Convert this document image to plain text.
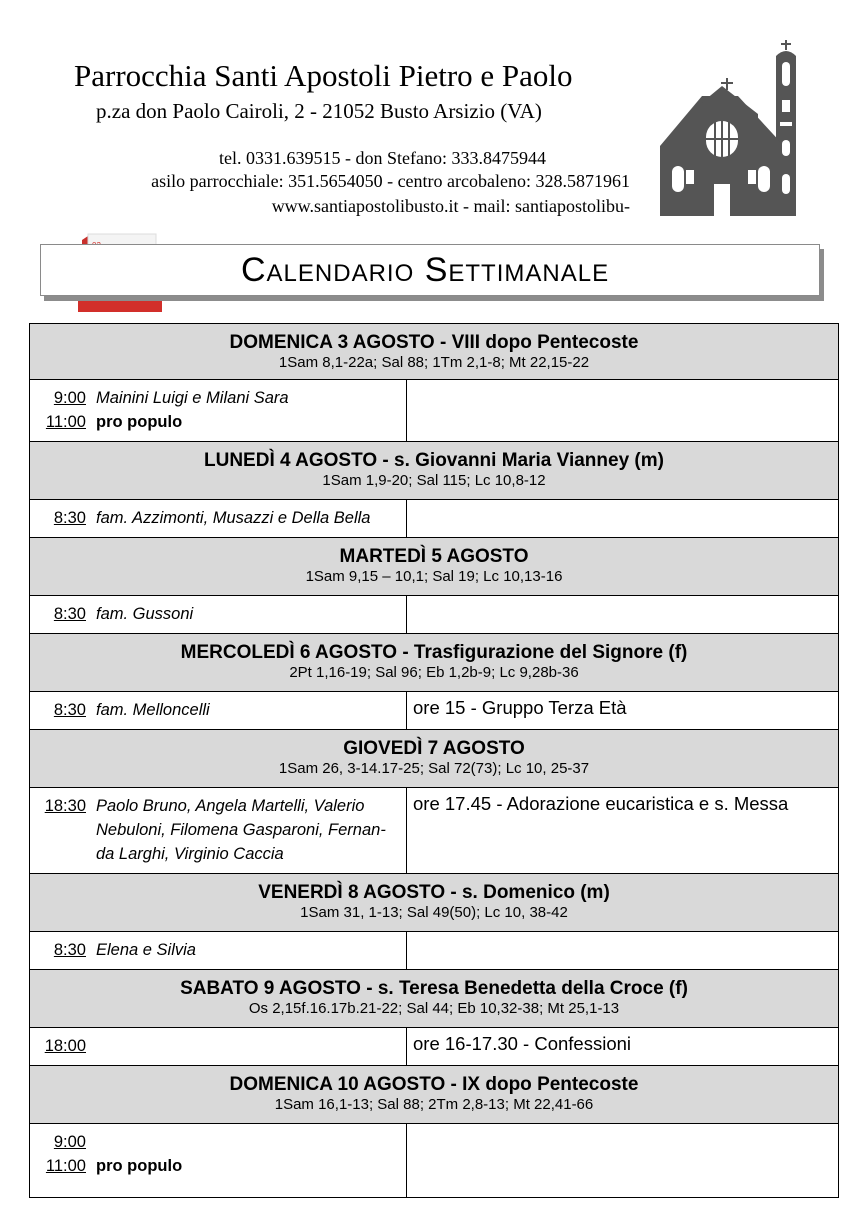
Parrocchia Santi Apostoli Pietro e Paolo
p.za don Paolo Cairoli, 2 - 21052 Busto Arsizio (VA)
tel. 0331.639515 - don Stefano: 333.8475944
asilo parrocchiale: 351.5654050 - centro arcobaleno: 328.5871961
www.santiapostolibusto.it - mail: santiapostolibu-
Calendario Settimanale
DOMENICA 3 AGOSTO - VIII dopo Pentecoste
1Sam 8,1-22a; Sal 88; 1Tm 2,1-8; Mt 22,15-22	

9:00 Mainini Luigi e Milani Sara
11:00 pro populo	

LUNEDÌ 4 AGOSTO - s. Giovanni Maria Vianney (m)
1Sam 1,9-20; Sal 115; Lc 10,8-12	

8:30 fam. Azzimonti, Musazzi e Della Bella	

MARTEDÌ 5 AGOSTO
1Sam 9,15 – 10,1; Sal 19; Lc 10,13-16	

8:30 fam. Gussoni	

MERCOLEDÌ 6 AGOSTO - Trasfigurazione del Signore (f)
2Pt 1,16-19; Sal 96; Eb 1,2b-9; Lc 9,28b-36	

8:30 fam. Melloncelli	ore 15 - Gruppo Terza Età

GIOVEDÌ 7 AGOSTO
1Sam 26, 3-14.17-25; Sal 72(73); Lc 10, 25-37	

18:30 Paolo Bruno, Angela Martelli, Valerio Nebuloni, Filomena Gasparoni, Fernan-da Larghi, Virginio Caccia	ore 17.45 - Adorazione eucaristica e s. Messa

VENERDÌ 8 AGOSTO - s. Domenico (m)
1Sam 31, 1-13; Sal 49(50); Lc 10, 38-42	

8:30 Elena e Silvia	

SABATO 9 AGOSTO - s. Teresa Benedetta della Croce (f)
Os 2,15f.16.17b.21-22; Sal 44; Eb 10,32-38; Mt 25,1-13	

18:00	ore 16-17.30 - Confessioni

DOMENICA 10 AGOSTO - IX dopo Pentecoste
1Sam 16,1-13; Sal 88; 2Tm 2,8-13; Mt 22,41-66	

9:00
11:00 pro populo	
